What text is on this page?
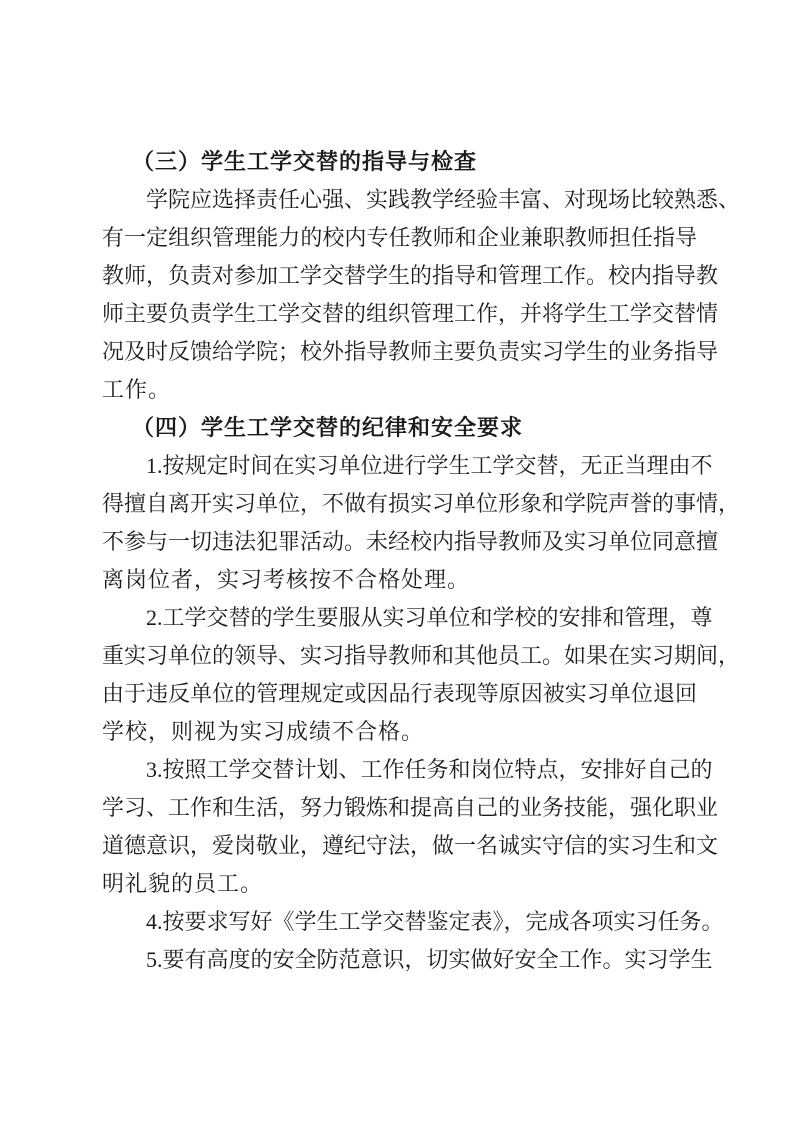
（三）学生工学交替的指导与检查
学院应选择责任心强、实践教学经验丰富、对现场比较熟悉、
有一定组织管理能力的校内专任教师和企业兼职教师担任指导
教师，负责对参加工学交替学生的指导和管理工作。校内指导教
师主要负责学生工学交替的组织管理工作，并将学生工学交替情
况及时反馈给学院；校外指导教师主要负责实习学生的业务指导
工作。
（四）学生工学交替的纪律和安全要求
1.按规定时间在实习单位进行学生工学交替，无正当理由不
得擅自离开实习单位，不做有损实习单位形象和学院声誉的事情，
不参与一切违法犯罪活动。未经校内指导教师及实习单位同意擅
离岗位者，实习考核按不合格处理。
2.工学交替的学生要服从实习单位和学校的安排和管理，尊
重实习单位的领导、实习指导教师和其他员工。如果在实习期间，
由于违反单位的管理规定或因品行表现等原因被实习单位退回
学校，则视为实习成绩不合格。
3.按照工学交替计划、工作任务和岗位特点，安排好自己的
学习、工作和生活，努力锻炼和提高自己的业务技能，强化职业
道德意识，爱岗敬业，遵纪守法，做一名诚实守信的实习生和文
明礼貌的员工。
4.按要求写好《学生工学交替鉴定表》，完成各项实习任务。
5.要有高度的安全防范意识，切实做好安全工作。实习学生
